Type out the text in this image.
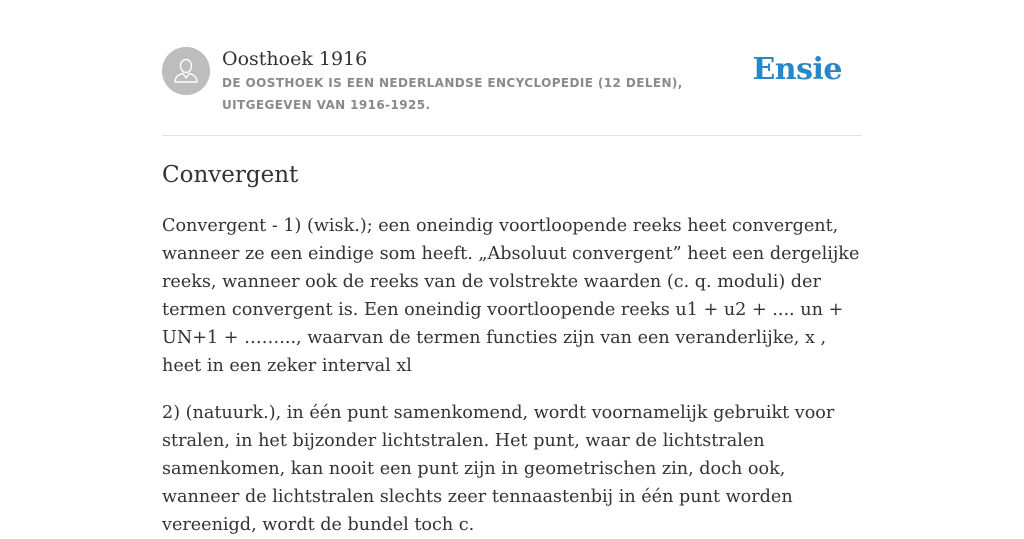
Oosthoek 1916
DE OOSTHOEK IS EEN NEDERLANDSE ENCYCLOPEDIE (12 DELEN), UITGEGEVEN VAN 1916-1925.
Ensie
Convergent

Convergent - 1) (wisk.); een oneindig voortloopende reeks heet convergent, wanneer ze een eindige som heeft. „Absoluut convergent” heet een dergelijke reeks, wanneer ook de reeks van de volstrekte waarden (c. q. moduli) der termen convergent is. Een oneindig voortloopende reeks u1 + u2 + .... un + UN+1 + ……..., waarvan de termen functies zijn van een veranderlijke, x , heet in een zeker interval xl

2) (natuurk.), in één punt samenkomend, wordt voornamelijk gebruikt voor stralen, in het bijzonder lichtstralen. Het punt, waar de lichtstralen samenkomen, kan nooit een punt zijn in geometrischen zin, doch ook, wanneer de lichtstralen slechts zeer tennaastenbij in één punt worden vereenigd, wordt de bundel toch c.
